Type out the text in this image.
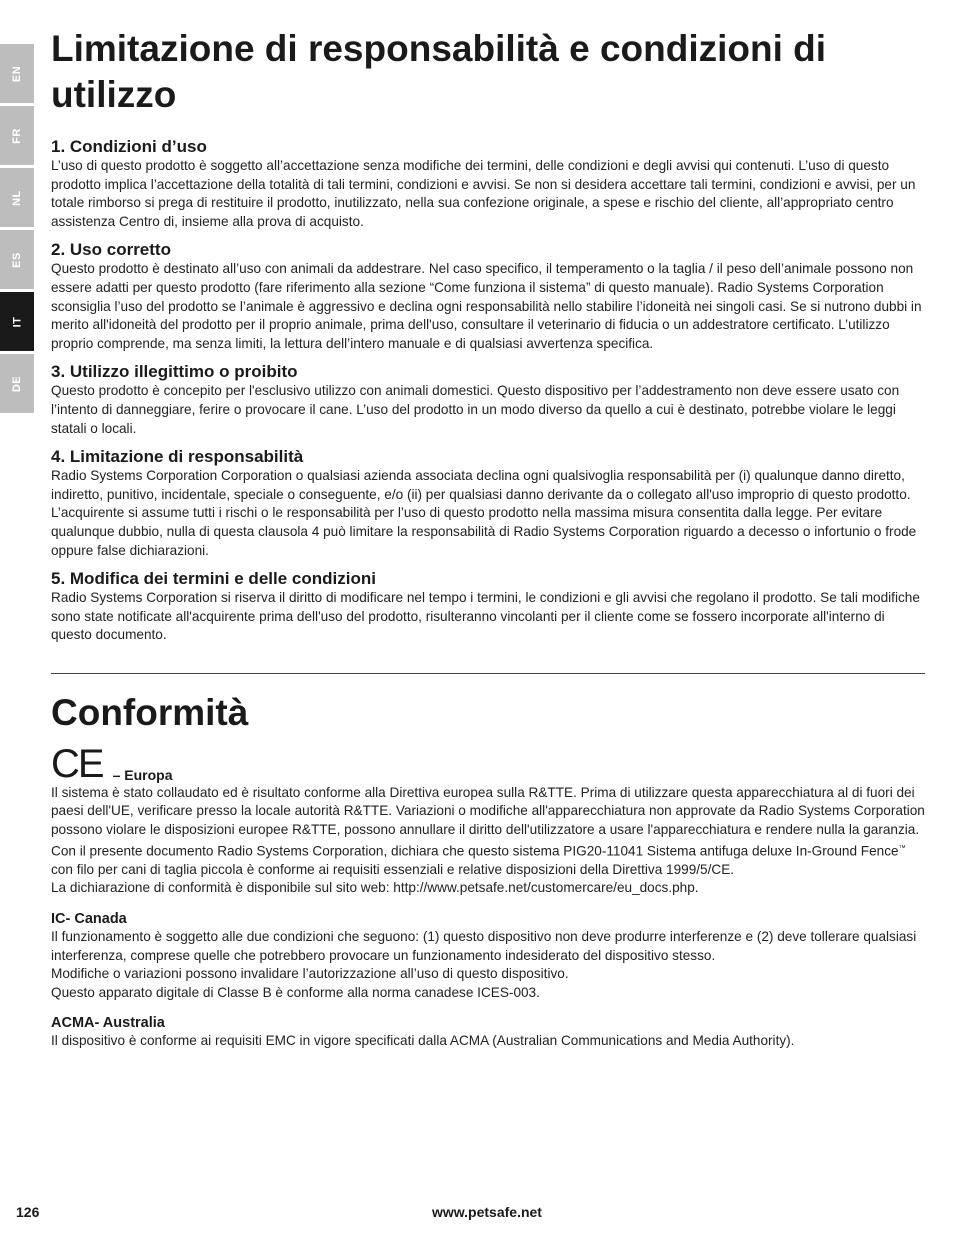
EN
FR
NL
ES
IT
DE
Limitazione di responsabilità e condizioni di utilizzo
1. Condizioni d’uso

L’uso di questo prodotto è soggetto all’accettazione senza modifiche dei termini, delle condizioni e degli avvisi qui contenuti. L’uso di questo prodotto implica l’accettazione della totalità di tali termini, condizioni e avvisi. Se non si desidera accettare tali termini, condizioni e avvisi, per un totale rimborso si prega di restituire il prodotto, inutilizzato, nella sua confezione originale, a spese e rischio del cliente, all’appropriato centro assistenza Centro di, insieme alla prova di acquisto.

2. Uso corretto

Questo prodotto è destinato all’uso con animali da addestrare. Nel caso specifico, il temperamento o la taglia / il peso dell’animale possono non essere adatti per questo prodotto (fare riferimento alla sezione “Come funziona il sistema” di questo manuale). Radio Systems Corporation sconsiglia l’uso del prodotto se l’animale è aggressivo e declina ogni responsabilità nello stabilire l’idoneità nei singoli casi. Se si nutrono dubbi in merito all'idoneità del prodotto per il proprio animale, prima dell'uso, consultare il veterinario di fiducia o un addestratore certificato. L’utilizzo proprio comprende, ma senza limiti, la lettura dell’intero manuale e di qualsiasi avvertenza specifica.

3. Utilizzo illegittimo o proibito

Questo prodotto è concepito per l'esclusivo utilizzo con animali domestici. Questo dispositivo per l’addestramento non deve essere usato con l’intento di danneggiare, ferire o provocare il cane. L’uso del prodotto in un modo diverso da quello a cui è destinato, potrebbe violare le leggi statali o locali.

4. Limitazione di responsabilità

Radio Systems Corporation Corporation o qualsiasi azienda associata declina ogni qualsivoglia responsabilità per (i) qualunque danno diretto, indiretto, punitivo, incidentale, speciale o conseguente, e/o (ii) per qualsiasi danno derivante da o collegato all'uso improprio di questo prodotto. L’acquirente si assume tutti i rischi o le responsabilità per l’uso di questo prodotto nella massima misura consentita dalla legge. Per evitare qualunque dubbio, nulla di questa clausola 4 può limitare la responsabilità di Radio Systems Corporation riguardo a decesso o infortunio o frode oppure false dichiarazioni.

5. Modifica dei termini e delle condizioni

Radio Systems Corporation si riserva il diritto di modificare nel tempo i termini, le condizioni e gli avvisi che regolano il prodotto. Se tali modifiche sono state notificate all'acquirente prima dell'uso del prodotto, risulteranno vincolanti per il cliente come se fossero incorporate all'interno di questo documento.

Conformità
CE – Europa

Il sistema è stato collaudato ed è risultato conforme alla Direttiva europea sulla R&TTE. Prima di utilizzare questa apparecchiatura al di fuori dei paesi dell'UE, verificare presso la locale autorità R&TTE. Variazioni o modifiche all'apparecchiatura non approvate da Radio Systems Corporation possono violare le disposizioni europee R&TTE, possono annullare il diritto dell'utilizzatore a usare l'apparecchiatura e rendere nulla la garanzia.

Con il presente documento Radio Systems Corporation, dichiara che questo sistema PIG20-11041 Sistema antifuga deluxe In-Ground Fence™ con filo per cani di taglia piccola è conforme ai requisiti essenziali e relative disposizioni della Direttiva 1999/5/CE.

La dichiarazione di conformità è disponibile sul sito web: http://www.petsafe.net/customercare/eu_docs.php.

IC- Canada

Il funzionamento è soggetto alle due condizioni che seguono: (1) questo dispositivo non deve produrre interferenze e (2) deve tollerare qualsiasi interferenza, comprese quelle che potrebbero provocare un funzionamento indesiderato del dispositivo stesso.

Modifiche o variazioni possono invalidare l’autorizzazione all’uso di questo dispositivo.

Questo apparato digitale di Classe B è conforme alla norma canadese ICES-003.

ACMA- Australia

Il dispositivo è conforme ai requisiti EMC in vigore specificati dalla ACMA (Australian Communications and Media Authority).

126	www.petsafe.net
